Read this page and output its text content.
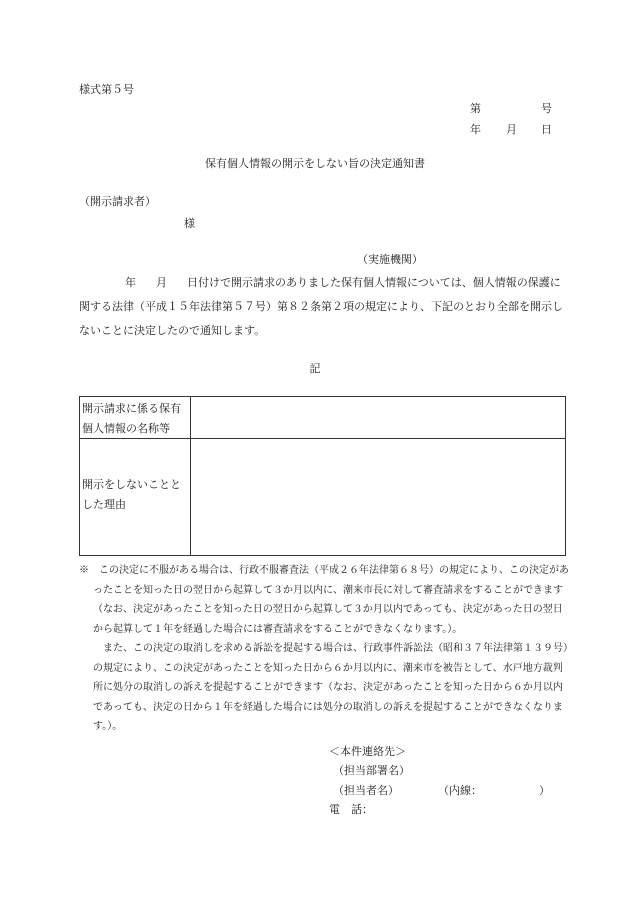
様式第５号
第	号
年 月 日
保有個人情報の開示をしない旨の決定通知書
（開示請求者）
様
（実施機関）
年 月 日付けで開示請求のありました保有個人情報については、個人情報の保護に関する法律（平成１５年法律第５７号）第８２条第２項の規定により、下記のとおり全部を開示しないことに決定したので通知します。
記
開示請求に係る保有個人情報の名称等
開示をしないこととした理由

※　 この決定に不服がある場合は、行政不服審査法（平成２６年法律第６８号）の規定により、この決定があったことを知った日の翌日から起算して３か月以内に、潮来市長に対して審査請求をすることができます（なお、決定があったことを知った日の翌日から起算して３か月以内であっても、決定があった日の翌日から起算して１年を経過した場合には審査請求をすることができなくなります。）。

また、この決定の取消しを求める訴訟を提起する場合は、行政事件訴訟法（昭和３７年法律第１３９号）の規定により、この決定があったことを知った日から６か月以内に、潮来市を被告として、水戸地方裁判所に処分の取消しの訴えを提起することができます（なお、決定があったことを知った日から６か月以内であっても、決定の日から１年を経過した場合には処分の取消しの訴えを提起することができなくなります。）。

＜本件連絡先＞
（担当部署名）
（担当者名）	（内線：	）
電　話：
